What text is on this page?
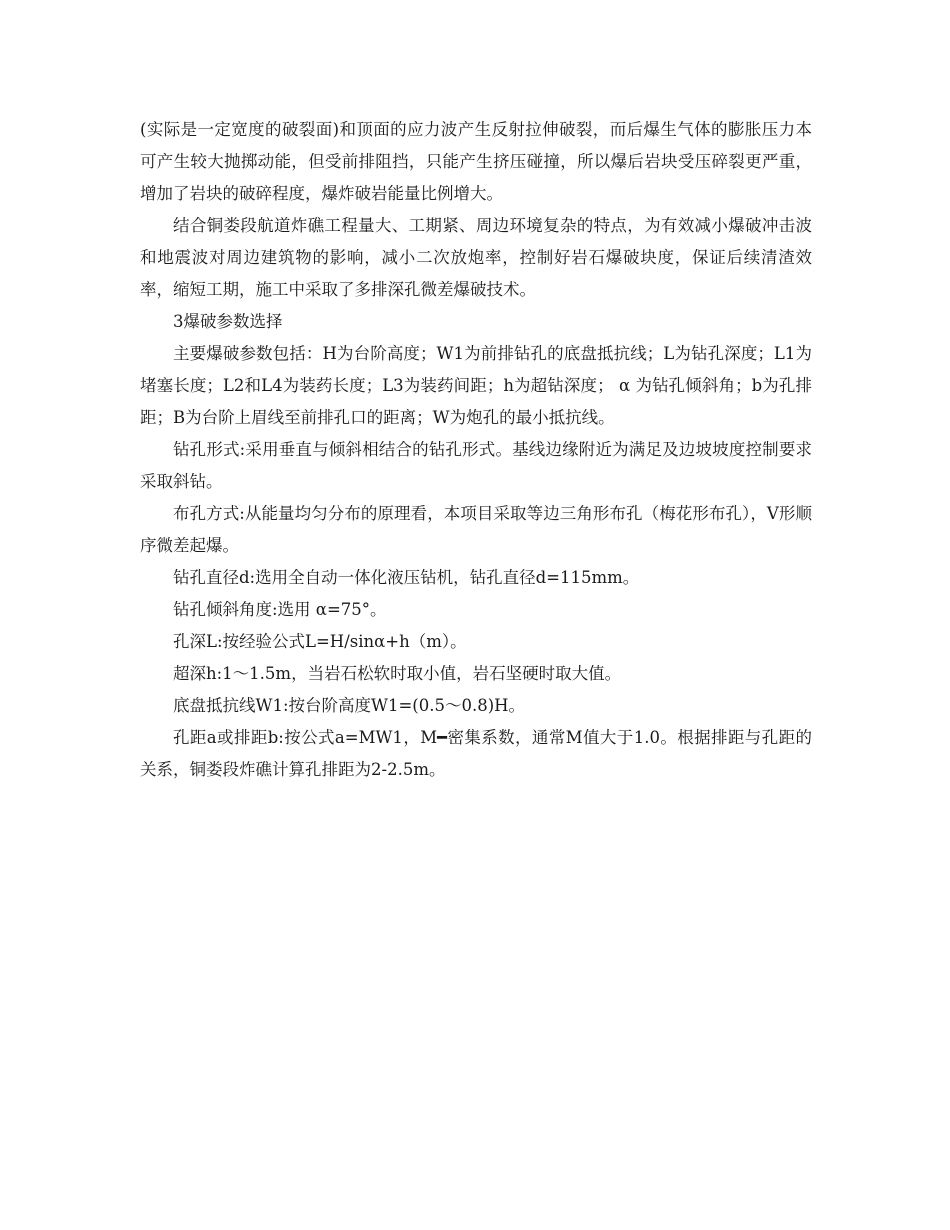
(实际是一定宽度的破裂面)和顶面的应力波产生反射拉伸破裂，而后爆生气体的膨胀压力本可产生较大抛掷动能，但受前排阻挡，只能产生挤压碰撞，所以爆后岩块受压碎裂更严重，增加了岩块的破碎程度，爆炸破岩能量比例增大。

结合铜娄段航道炸礁工程量大、工期紧、周边环境复杂的特点，为有效减小爆破冲击波和地震波对周边建筑物的影响，减小二次放炮率，控制好岩石爆破块度，保证后续清渣效率，缩短工期，施工中采取了多排深孔微差爆破技术。

3爆破参数选择

主要爆破参数包括：H为台阶高度；W1为前排钻孔的底盘抵抗线；L为钻孔深度；L1为堵塞长度；L2和L4为装药长度；L3为装药间距；h为超钻深度； α 为钻孔倾斜角；b为孔排距；B为台阶上眉线至前排孔口的距离；W为炮孔的最小抵抗线。

钻孔形式:采用垂直与倾斜相结合的钻孔形式。基线边缘附近为满足及边坡坡度控制要求采取斜钻。

布孔方式:从能量均匀分布的原理看，本项目采取等边三角形布孔（梅花形布孔），V形顺序微差起爆。

钻孔直径d:选用全自动一体化液压钻机，钻孔直径d=115mm。

钻孔倾斜角度:选用 α=75°。

孔深L:按经验公式L=H/sinα+h（m）。

超深h:1～1.5m，当岩石松软时取小值，岩石坚硬时取大值。

底盘抵抗线W1:按台阶高度W1=(0.5～0.8)H。

孔距a或排距b:按公式a=MW1，M━密集系数，通常M值大于1.0。根据排距与孔距的关系，铜娄段炸礁计算孔排距为2-2.5m。
